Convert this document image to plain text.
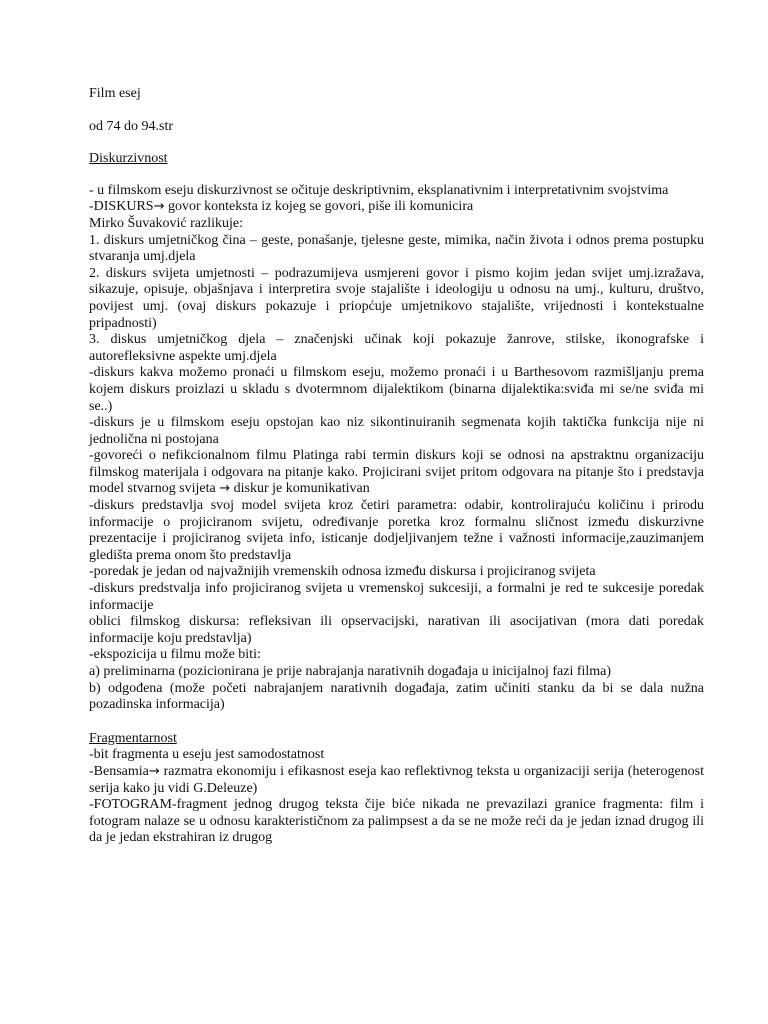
Film esej

od 74 do 94.str

Diskurzivnost

- u filmskom eseju diskurzivnost se očituje deskriptivnim, eksplanativnim i interpretativnim svojstvima

-DISKURS→ govor konteksta iz kojeg se govori, piše ili komunicira

Mirko Šuvaković razlikuje:

1. diskurs umjetničkog čina – geste, ponašanje, tjelesne geste, mimika, način života i odnos prema postupku stvaranja umj.djela

2. diskurs svijeta umjetnosti – podrazumijeva usmjereni govor i pismo kojim jedan svijet umj.izražava, sikazuje, opisuje, objašnjava i interpretira svoje stajalište i ideologiju u odnosu na umj., kulturu, društvo, povijest umj. (ovaj diskurs pokazuje i priopćuje umjetnikovo stajalište, vrijednosti i kontekstualne pripadnosti)

3. diskus umjetničkog djela – značenjski učinak koji pokazuje žanrove, stilske, ikonografske i autorefleksivne aspekte umj.djela

-diskurs kakva možemo pronaći u filmskom eseju, možemo pronaći i u Barthesovom razmišljanju prema kojem diskurs proizlazi u skladu s dvotermnom dijalektikom (binarna dijalektika:sviđa mi se/ne sviđa mi se..)

-diskurs je u filmskom eseju opstojan kao niz sikontinuiranih segmenata kojih taktička funkcija nije ni jednolična ni postojana

-govoreći o nefikcionalnom filmu Platinga rabi termin diskurs koji se odnosi na apstraktnu organizaciju filmskog materijala i odgovara na pitanje kako. Projicirani svijet pritom odgovara na pitanje što i predstavja model stvarnog svijeta → diskur je komunikativan

-diskurs predstavlja svoj model svijeta kroz četiri parametra: odabir, kontrolirajuću količinu i prirodu informacije o projiciranom svijetu, određivanje poretka kroz formalnu sličnost između diskurzivne prezentacije i projiciranog svijeta info, isticanje dodjeljivanjem težne i važnosti informacije,zauzimanjem gledišta prema onom što predstavlja

-poredak je jedan od najvažnijih vremenskih odnosa između diskursa i projiciranog svijeta

-diskurs predstvalja info projiciranog svijeta u vremenskoj sukcesiji, a formalni je red te sukcesije poredak informacije

oblici filmskog diskursa: refleksivan ili opservacijski, narativan ili asocijativan (mora dati poredak informacije koju predstavlja)

-ekspozicija u filmu može biti:

a) preliminarna (pozicionirana je prije nabrajanja narativnih događaja u inicijalnoj fazi filma)

b) odgođena (može početi nabrajanjem narativnih događaja, zatim učiniti stanku da bi se dala nužna pozadinska informacija)

Fragmentarnost

-bit fragmenta u eseju jest samodostatnost

-Bensamia→ razmatra ekonomiju i efikasnost eseja kao reflektivnog teksta u organizaciji serija (heterogenost serija kako ju vidi G.Deleuze)

-FOTOGRAM-fragment jednog drugog teksta čije biće nikada ne prevazilazi granice fragmenta: film i fotogram nalaze se u odnosu karakterističnom za palimpsest a da se ne može reći da je jedan iznad drugog ili da je jedan ekstrahiran iz drugog
